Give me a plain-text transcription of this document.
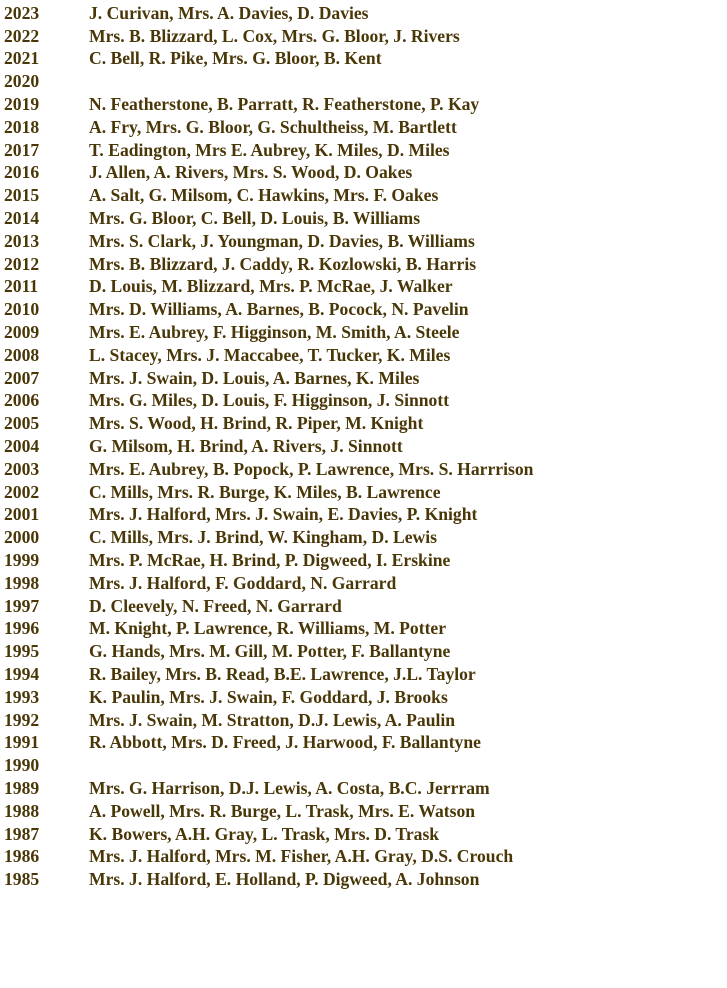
2023	J. Curivan, Mrs. A. Davies, D. Davies
2022	Mrs. B. Blizzard, L. Cox, Mrs. G. Bloor, J. Rivers
2021	C. Bell, R. Pike, Mrs. G. Bloor, B. Kent
2020
2019	N. Featherstone, B. Parratt, R. Featherstone, P. Kay
2018	A. Fry, Mrs. G. Bloor, G. Schultheiss, M. Bartlett
2017	T. Eadington, Mrs E. Aubrey, K. Miles, D. Miles
2016	J. Allen, A. Rivers, Mrs. S. Wood, D. Oakes
2015	A. Salt, G. Milsom, C. Hawkins, Mrs. F. Oakes
2014	Mrs. G. Bloor, C. Bell, D. Louis, B. Williams
2013	Mrs. S. Clark, J. Youngman, D. Davies, B. Williams
2012	Mrs. B. Blizzard, J. Caddy, R. Kozlowski, B. Harris
2011	D. Louis, M. Blizzard, Mrs. P. McRae, J. Walker
2010	Mrs. D. Williams, A. Barnes, B. Pocock, N. Pavelin
2009	Mrs. E. Aubrey, F. Higginson, M. Smith, A. Steele
2008	L. Stacey, Mrs. J. Maccabee, T. Tucker, K. Miles
2007	Mrs. J. Swain, D. Louis, A. Barnes, K. Miles
2006	Mrs. G. Miles, D. Louis, F. Higginson, J. Sinnott
2005	Mrs. S. Wood, H. Brind, R. Piper, M. Knight
2004	G. Milsom, H. Brind, A. Rivers, J. Sinnott
2003	Mrs. E. Aubrey, B. Popock, P. Lawrence, Mrs. S. Harrrison
2002	C. Mills, Mrs. R. Burge, K. Miles, B. Lawrence
2001	Mrs. J. Halford, Mrs. J. Swain, E. Davies, P. Knight
2000	C. Mills, Mrs. J. Brind, W. Kingham, D. Lewis
1999	Mrs. P. McRae, H. Brind, P. Digweed, I. Erskine
1998	Mrs. J. Halford, F. Goddard, N. Garrard
1997	D. Cleevely, N. Freed, N. Garrard
1996	M. Knight, P. Lawrence, R. Williams, M. Potter
1995	G. Hands, Mrs. M. Gill, M. Potter, F. Ballantyne
1994	R. Bailey, Mrs. B. Read, B.E. Lawrence, J.L. Taylor
1993	K. Paulin, Mrs. J. Swain, F. Goddard, J. Brooks
1992	Mrs. J. Swain, M. Stratton, D.J. Lewis, A. Paulin
1991	R. Abbott, Mrs. D. Freed, J. Harwood, F. Ballantyne
1990
1989	Mrs. G. Harrison, D.J. Lewis, A. Costa, B.C. Jerrram
1988	A. Powell, Mrs. R. Burge, L. Trask, Mrs. E. Watson
1987	K. Bowers, A.H. Gray, L. Trask, Mrs. D. Trask
1986	Mrs. J. Halford, Mrs. M. Fisher, A.H. Gray, D.S. Crouch
1985	Mrs. J. Halford, E. Holland, P. Digweed, A. Johnson
